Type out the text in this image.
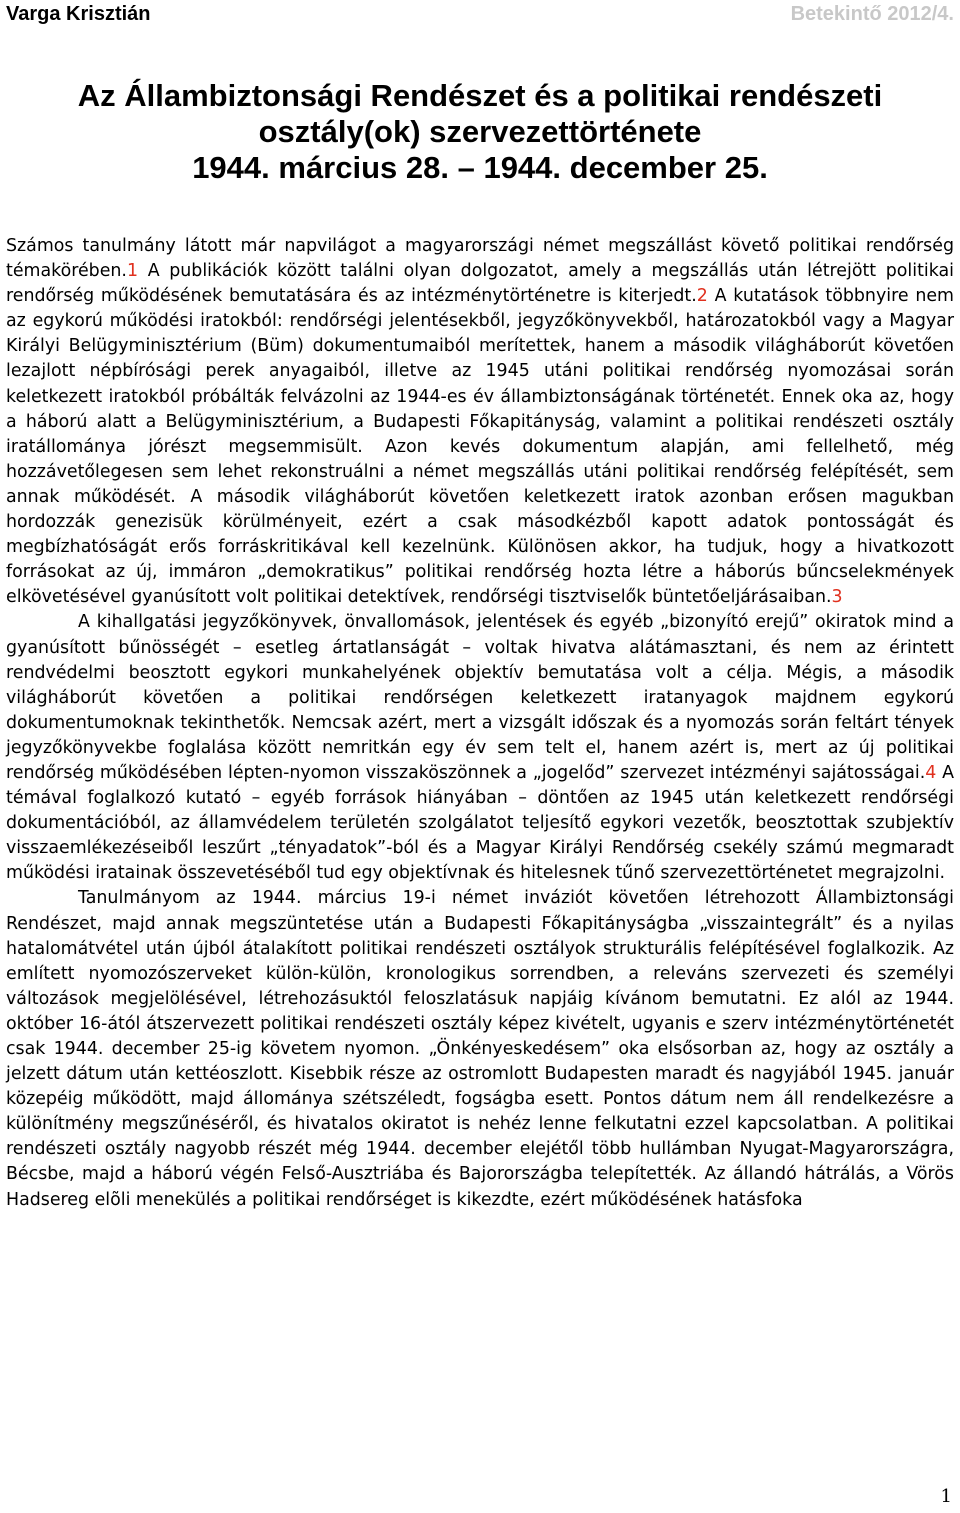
Varga Krisztián	Betekintő 2012/4.
Az Állambiztonsági Rendészet és a politikai rendészeti
osztály(ok) szervezettörténete
1944. március 28. – 1944. december 25.

Számos tanulmány látott már napvilágot a magyarországi német megszállást követő politikai rendőrség témakörében.1 A publikációk között találni olyan dolgozatot, amely a megszállás után létrejött politikai rendőrség működésének bemutatására és az intézménytörténetre is kiterjedt.2 A kutatások többnyire nem az egykorú működési iratokból: rendőrségi jelentésekből, jegyzőkönyvekből, határozatokból vagy a Magyar Királyi Belügyminisztérium (Büm) dokumentumaiból merítettek, hanem a második világháborút követően lezajlott népbírósági perek anyagaiból, illetve az 1945 utáni politikai rendőrség nyomozásai során keletkezett iratokból próbálták felvázolni az 1944-es év állambiztonságának történetét. Ennek oka az, hogy a háború alatt a Belügyminisztérium, a Budapesti Főkapitányság, valamint a politikai rendészeti osztály iratállománya jórészt megsemmisült. Azon kevés dokumentum alapján, ami fellelhető, még hozzávetőlegesen sem lehet rekonstruálni a német megszállás utáni politikai rendőrség felépítését, sem annak működését. A második világháborút követően keletkezett iratok azonban erősen magukban hordozzák genezisük körülményeit, ezért a csak másodkézből kapott adatok pontosságát és megbízhatóságát erős forráskritikával kell kezelnünk. Különösen akkor, ha tudjuk, hogy a hivatkozott forrásokat az új, immáron „demokratikus” politikai rendőrség hozta létre a háborús bűncselekmények elkövetésével gyanúsított volt politikai detektívek, rendőrségi tisztviselők büntetőeljárásaiban.3

A kihallgatási jegyzőkönyvek, önvallomások, jelentések és egyéb „bizonyító erejű” okiratok mind a gyanúsított bűnösségét – esetleg ártatlanságát – voltak hivatva alátámasztani, és nem az érintett rendvédelmi beosztott egykori munkahelyének objektív bemutatása volt a célja. Mégis, a második világháborút követően a politikai rendőrségen keletkezett iratanyagok majdnem egykorú dokumentumoknak tekinthetők. Nemcsak azért, mert a vizsgált időszak és a nyomozás során feltárt tények jegyzőkönyvekbe foglalása között nemritkán egy év sem telt el, hanem azért is, mert az új politikai rendőrség működésében lépten-nyomon visszaköszönnek a „jogelőd” szervezet intézményi sajátosságai.4 A témával foglalkozó kutató – egyéb források hiányában – döntően az 1945 után keletkezett rendőrségi dokumentációból, az államvédelem területén szolgálatot teljesítő egykori vezetők, beosztottak szubjektív visszaemlékezéseiből leszűrt „tényadatok”-ból és a Magyar Királyi Rendőrség csekély számú megmaradt működési iratainak összevetéséből tud egy objektívnak és hitelesnek tűnő szervezettörténetet megrajzolni.

Tanulmányom az 1944. március 19-i német inváziót követően létrehozott Állambiztonsági Rendészet, majd annak megszüntetése után a Budapesti Főkapitányságba „visszaintegrált” és a nyilas hatalomátvétel után újból átalakított politikai rendészeti osztályok strukturális felépítésével foglalkozik. Az említett nyomozószerveket külön-külön, kronologikus sorrendben, a releváns szervezeti és személyi változások megjelölésével, létrehozásuktól feloszlatásuk napjáig kívánom bemutatni. Ez alól az 1944. október 16-ától átszervezett politikai rendészeti osztály képez kivételt, ugyanis e szerv intézménytörténetét csak 1944. december 25-ig követem nyomon. „Önkényeskedésem” oka elsősorban az, hogy az osztály a jelzett dátum után kettéoszlott. Kisebbik része az ostromlott Budapesten maradt és nagyjából 1945. január közepéig működött, majd állománya szétszéledt, fogságba esett. Pontos dátum nem áll rendelkezésre a különítmény megszűnéséről, és hivatalos okiratot is nehéz lenne felkutatni ezzel kapcsolatban. A politikai rendészeti osztály nagyobb részét még 1944. december elejétől több hullámban Nyugat-Magyarországra, Bécsbe, majd a háború végén Felső-Ausztriába és Bajorországba telepítették. Az állandó hátrálás, a Vörös Hadsereg elõli menekülés a politikai rendőrséget is kikezdte, ezért működésének hatásfoka

1
